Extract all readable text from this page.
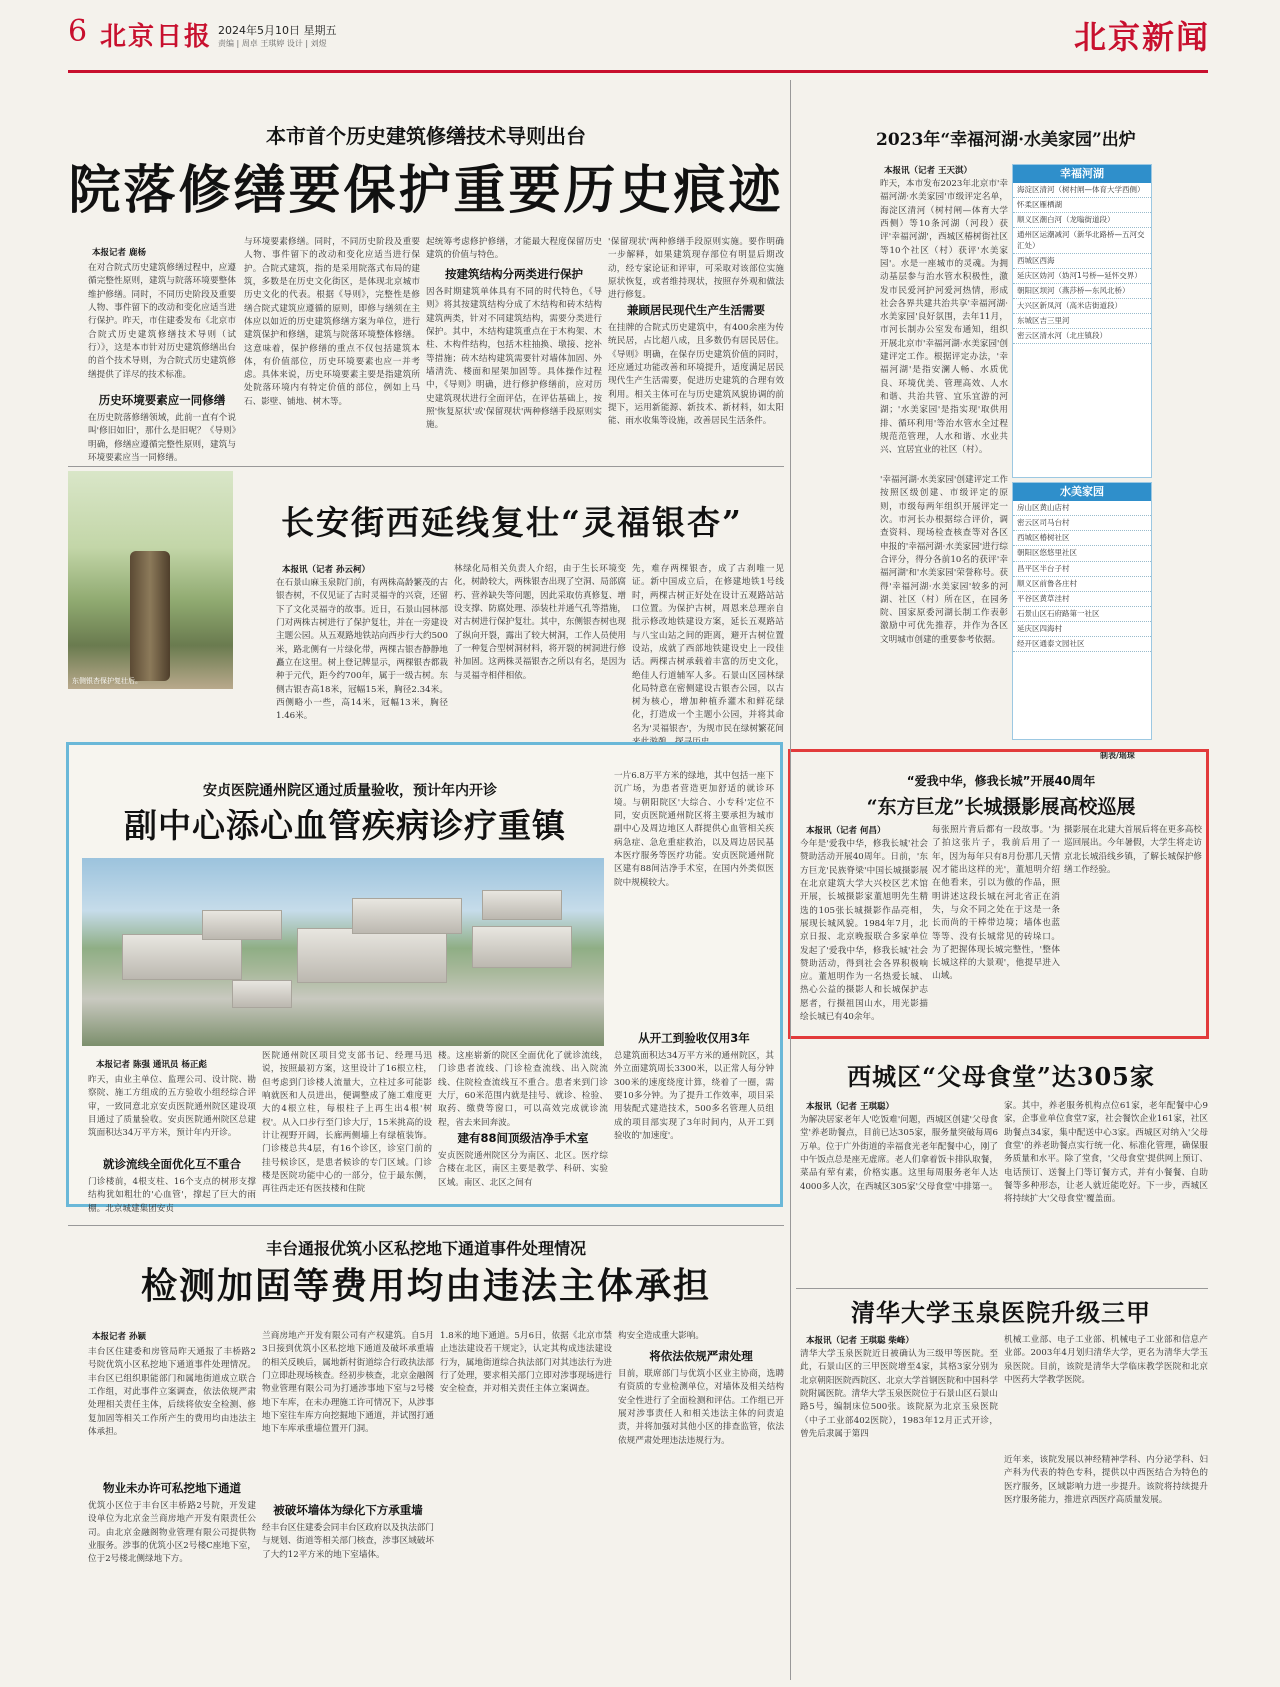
6 北京日报 2024年5月10日 星期五
责编 | 周卓 王琪婷 设计 | 刘煜	北京新闻
本市首个历史建筑修缮技术导则出台
院落修缮要保护重要历史痕迹
本报记者 鹿杨
在对合院式历史建筑修缮过程中，应遵循完整性原则，建筑与院落环境要整体维护修缮。同时，不同历史阶段及重要人物、事件留下的改动和变化应适当进行保护。昨天，市住建委发布《北京市合院式历史建筑修缮技术导则（试行）》，这是本市针对历史建筑修缮出台的首个技术导则，为合院式历史建筑修缮提供了详尽的技术标准。
历史环境要素应一同修缮
在历史院落修缮领域，此前一直有个说叫'修旧如旧'，那什么是旧呢？《导则》明确，修缮应遵循完整性原则，建筑与环境要素应当一同修缮。
与环境要素修缮。同时，不同历史阶段及重要人物、事件留下的改动和变化应适当进行保护。合院式建筑，指的是采用院落式布局的建筑，多数是在历史文化街区，是体现北京城市历史文化的代表。根据《导则》，完整性是修缮合院式建筑应遵循的原则，即修与缮须在主体应以如近的历史建筑修缮方案为单位，进行建筑保护和修缮，建筑与院落环境整体修缮。这意味着，保护修缮的重点不仅包括建筑本体，有价值部位，历史环境要素也应一并考虑。具体来说，历史环境要素主要是指建筑所处院落环境内有特定价值的部位，例如上马石、影壁、铺地、树木等。
起统筹考虑修护修缮，才能最大程度保留历史建筑的价值与特色。
按建筑结构分两类进行保护
因各时期建筑单体具有不同的时代特色，《导则》将其按建筑结构分成了木结构和砖木结构建筑两类，针对不同建筑结构，需要分类进行保护。其中，木结构建筑重点在于木构架、木柱、木构件结构，包括木柱抽换、墩接、挖补等措施；砖木结构建筑需要针对墙体加固、外墙清洗、楼面和屋架加固等。具体操作过程中，《导则》明确，进行修护修缮前，应对历史建筑现状进行全面评估，在评估基础上，按照'恢复原状'或'保留现状'两种修缮手段原则实施。
'保留现状'两种修缮手段原则实施。要作明确一步解释，如果建筑现存部位有明显后期改动，经专家论证和评审，可采取对该部位实施原状恢复，或者维持现状，按照存外观和做法进行修复。
兼顾居民现代生产生活需要
在挂牌的合院式历史建筑中，有400余座为传统民居，占比超八成，且多数仍有居民居住。《导则》明确，在保存历史建筑价值的同时，还应通过功能改善和环境提升，适度满足居民现代生产生活需要，促进历史建筑的合理有效利用。相关主体可在与历史建筑风貌协调的前提下，运用新能源、新技术、新材料，如太阳能、雨水收集等设施，改善居民生活条件。
东侧银杏保护复壮后。
长安街西延线复壮“灵福银杏”
本报讯（记者 孙云柯）
在石景山麻玉泉院门前，有两株高龄繁茂的古银杏树，不仅见证了古时灵福寺的兴衰，还留下了文化灵福寺的故事。近日，石景山园林部门对两株古树进行了保护复壮，并在一旁建设主题公园。从五观路地铁站向西步行大约500米，路北侧有一片绿化带，两棵古银杏静静地矗立在这里。树上登记牌显示，两棵银杏都栽种于元代，距今约700年，属于一级古树。东侧古银杏高18米，冠幅15米，胸径2.34米。西侧略小一些，高14米，冠幅13米，胸径1.46米。
林绿化局相关负责人介绍，由于生长环境变化，树龄较大，两株银杏出现了空洞、局部腐朽、营养缺失等问题，因此采取仿真修复、增设支撑、防腐处理、添装杜并通气孔等措施，对古树进行保护复壮。其中，东侧银杏树也现了纵向开裂，露出了较大树洞，工作人员使用了一种复合型树洞材料，将开裂的树洞进行修补加固。这两株灵福银杏之所以有名，是因为与灵福寺相伴相依。
先，难存两棵银杏，成了古刹唯一见证。新中国成立后，在修建地铁1号线时，两棵古树正好处在设计五观路站站口位置。为保护古树，周恩来总理亲自批示修改地铁建设方案，延长五观路站与八宝山站之间的距离，避开古树位置设站，成就了西部地铁建设史上一段佳话。两棵古树承载着丰富的历史文化，绝佳人行道辅军人多。石景山区园林绿化局特意在密侧建设古银杏公园，以古树为核心，增加种植乔灌木和鲜花绿化，打造成一个主题小公园，并将其命名为'灵福银杏'，为规市民在绿树繁花间
安贞医院通州院区通过质量验收，预计年内开诊
副中心添心血管疾病诊疗重镇
本报记者 陈强 通讯员 杨正彪
昨天，由业主单位、监理公司、设计院、勘察院、施工方组成的五方验收小组经综合评审，一致同意北京安贞医院通州院区建设项目通过了质量验收。安贞医院通州院区总建筑面积达34万平方米，预计年内开诊。
就诊流线全面优化互不重合
门诊楼前，4根支柱、16个支点的树形支撑结构犹如粗壮的'心血管'，撑起了巨大的雨棚。北京城建集团安贞
医院通州院区项目党支部书记、经理马迅说，按照最初方案，这里设计了16根立柱，但考虑到门诊楼人流量大，立柱过多可能影响就医和人员进出，便调整成了施工难度更大的4根立柱，每根柱子上再生出4根'树杈'。从入口步行至门诊大厅，15米挑高的设计让视野开阔，长廊两侧墙上有绿植装饰。门诊楼总共4层，有16个诊区，诊室门前的挂号候诊区，是患者候诊的专门区域。门诊楼是医院功能中心的一部分，位于最东侧，再往西走还有医技楼和住院
楼。这座崭新的院区全面优化了就诊流线，门诊患者流线、门诊检查流线、出入院流线、住院检查流线互不重合。患者来到门诊大厅，60米范围内就是挂号、就诊、检验、取药、缴费等窗口，可以高效完成就诊流程，省去来回奔波。
建有88间顶级洁净手术室
安贞医院通州院区分为南区、北区。医疗综合楼在北区，南区主要是教学、科研、实验区域。南区、北区之间有
一片6.8万平方米的绿地，其中包括一座下沉广场，为患者营造更加舒适的就诊环境。与朝阳院区'大综合、小专科'定位不同，安贞医院通州院区将主要承担为城市副中心及周边地区人群提供心血管相关疾病急症、急危重症救治，以及周边居民基本医疗服务等医疗功能。安贞医院通州院区建有88间洁净手术室，在国内外类似医院中规模较大。
从开工到验收仅用3年
总建筑面积达34万平方米的通州院区，其外立面建筑周长3300米，以正常人每分钟300米的速度绕度计算，绕着了一圈，需要10多分钟。为了提升工作效率，项目采用装配式建造技术，500多名管理人员组成的项目部实现了3年时间内，从开工到验收的'加速度'。
丰台通报优筑小区私挖地下通道事件处理情况
检测加固等费用均由违法主体承担
本报记者 孙颖
丰台区住建委和房管局昨天通报了丰桥路2号院优筑小区私挖地下通道事件处理情况。丰台区已组织职能部门和属地街道成立联合工作组，对此事件立案调查，依法依规严肃处理相关责任主体，后续将依安全检测、修复加固等相关工作所产生的费用均由违法主体承担。
物业未办许可私挖地下通道
优筑小区位于丰台区丰桥路2号院，开发建设单位为北京金兰商房地产开发有限责任公司。由北京金融阁物业管理有限公司提供物业服务。涉事的优筑小区2号楼C座地下室，位于2号楼北侧绿地下方。
兰商房地产开发有限公司有产权建筑。自5月3日接到优筑小区私挖地下通道及破坏承重墙的相关反映后，属地新村街道综合行政执法部门立即赴现场核查。经初步核查，北京金融阁物业管理有限公司为打通涉事地下室与2号楼地下车库，在未办理施工许可情况下，从涉事地下室往车库方向挖掘地下通道，并试图打通地下车库承重墙位置开门洞。
被破坏墙体为绿化下方承重墙
经丰台区住建委会同丰台区政府以及执法部门与规划、街道等相关部门核查，涉事区域破坏了大约12平方米的地下室墙体。
1.8米的地下通道。5月6日，依据《北京市禁止违法建设若干规定》，认定其构成违法建设行为，属地街道综合执法部门对其违法行为进行了处理，要求相关部门立即对涉事现场进行安全检查，并对相关责任主体立案调查。
构安全造成重大影响。
将依法依规严肃处理
目前，联席部门与优筑小区业主协商，选聘有资质的专业检测单位，对墙体及相关结构安全性进行了全面检测和评估。工作组已开展对涉事责任人和相关违法主体的问责追责，并将加强对其他小区的排查监管，依法依规严肃处理违法违规行为。
2023年“幸福河湖·水美家园”出炉
本报讯（记者 王天淇）
昨天，本市发布2023年北京市'幸福河湖·水美家园'市级评定名单，海淀区清河（树村闸—体育大学西侧）等10条河湖（河段）获评'幸福河湖'，西城区椿树街社区等10个社区（村）获评'水美家园'。水是一座城市的灵魂。为拥动基层参与治水管水积极性，激发市民爱河护河爱河热情，形成社会各界共建共治共享'幸福河湖·水美家园'良好氛围，去年11月，市河长制办公室发布通知，组织开展北京市'幸福河湖·水美家园'创建评定工作。根据评定办法，'幸福河湖'是指安澜人畅、水质优良、环境优美、管理高效、人水和谐、共治共管、宜乐宜游的河湖；'水美家园'是指实现'取供用排、循环利用'等治水管水全过程规范范管理，人水和谐、水业共兴、宜居宜业的社区（村）。
'幸福河湖·水美家园'创建评定工作按照区级创建、市级评定的原则，市级每两年组织开展评定一次。市河长办根据综合评价，调查资料、现场检查核查等对各区申报的'幸福河湖·水美家园'进行综合评分，得分各前10名的获评'幸福河湖'和'水美家园'荣誉称号。获得'幸福河湖·水美家园'较多的河湖、社区（村）所在区，在园务院、国家原委河湖长制工作表彰激励中可优先推荐，并作为各区文明城市创建的重要参考依据。
幸福河湖
海淀区清河（树村闸—体育大学西侧）
怀柔区雁栖湖
顺义区潮白河（龙嗡街道段）
通州区运潮减河（新华北路桥—五河交汇处）
西城区西海
延庆区妫河（妫河1号桥—延怀交界）
朝阳区坝河（燕莎桥—东风北桥）
大兴区新凤河（高米店街道段）
东城区吉三里河
密云区清水河（北庄镇段）
水美家园
房山区黄山店村
密云区司马台村
西城区椿树社区
朝阳区悠悠里社区
昌平区半台子村
顺义区前鲁各庄村
平谷区黄草洼村
石景山区石府路第一社区
延庆区四海村
经开区通泰文园社区
制表/瑶琛
“爱我中华，修我长城”开展40周年
“东方巨龙”长城摄影展高校巡展
本报讯（记者 何昌）
今年是'爱我中华，修我长城'社会赞助活动开展40周年。日前，'东方巨龙'民族脊梁'中国长城摄影展在北京建筑大学大兴校区艺术馆开展，长城摄影家董旭明先生精选的105张长城摄影作品亮相，展现长城风貌。1984年7月，北京日报、北京晚报联合多家单位发起了'爱我中华，修我长城'社会赞助活动，得到社会各界积极响应。董旭明作为一名热爱长城、热心公益的摄影人和长城保护志愿者，行摄祖国山水，用光影描绘长城已有40余年。
每张照片背后都有一段故事。'为了拍这张片子，我前后用了一年，因为每年只有8月份那几天情况才能出这样的光'，董旭明介绍在他看来，引以为傲的作品，照明讲述这段长城在河北省正在消失，与众不同之处在于这是一条长而尚的干棒带边境；墙体也蓝等等、没有长城常见的砖垛口。为了把握体现长城完整性，'整体长城这样的大景观'，他提早进入山域。
摄影展在北建大首展后将在更多高校巡回展出。今年暑假，大学生将走访京北长城沿线乡镇，了解长城保护修缮工作经验。
西城区“父母食堂”达305家
本报讯（记者 王琪聪）
为解决居家老年人'吃饭难'问题，西城区创建'父母食堂'养老助餐点，目前已达305家，服务量突破每周6万单。位于广外街道的幸福食光老年配餐中心，刚了中午饭点总是座无虚席。老人们拿着饭卡排队取餐，菜品有荤有素，价格实惠。这里每周服务老年人达4000多人次，在西城区305家'父母食堂'中排第一。
家。其中，养老服务机构点位61家，老年配餐中心9家，企事业单位食堂7家，社会餐饮企业161家，社区助餐点34家，集中配送中心3家。西城区对纳入'父母食堂'的养老助餐点实行统一化、标准化管理，确保服务质量和水平。除了堂食，'父母食堂'提供网上预订、电话预订、送餐上门等订餐方式，并有小餐餐、自助餐等多种形态，让老人就近能吃好。下一步，西城区将持续扩大'父母食堂'覆盖面。
清华大学玉泉医院升级三甲
本报讯（记者 王琪聪 柴峰）
清华大学玉泉医院近日被确认为三级甲等医院。至此，石景山区的三甲医院增至4家，其格3家分别为北京朝阳医院西院区、北京大学首钢医院和中国科学院附属医院。清华大学玉泉医院位于石景山区石景山路5号，编制床位500张。该院原为北京玉泉医院（中子工业部402医院），1983年12月正式开诊，曾先后隶属于第四
机械工业部、电子工业部、机械电子工业部和信息产业部。2003年4月划归清华大学，更名为清华大学玉泉医院。目前，该院是清华大学临床教学医院和北京中医药大学教学医院。
近年来，该院发展以神经精神学科、内分泌学科、妇产科为代表的特色专科，提供以中西医结合为特色的医疗服务，区域影响力进一步提升。该院将持续提升医疗服务能力，推进京西医疗高质量发展。
